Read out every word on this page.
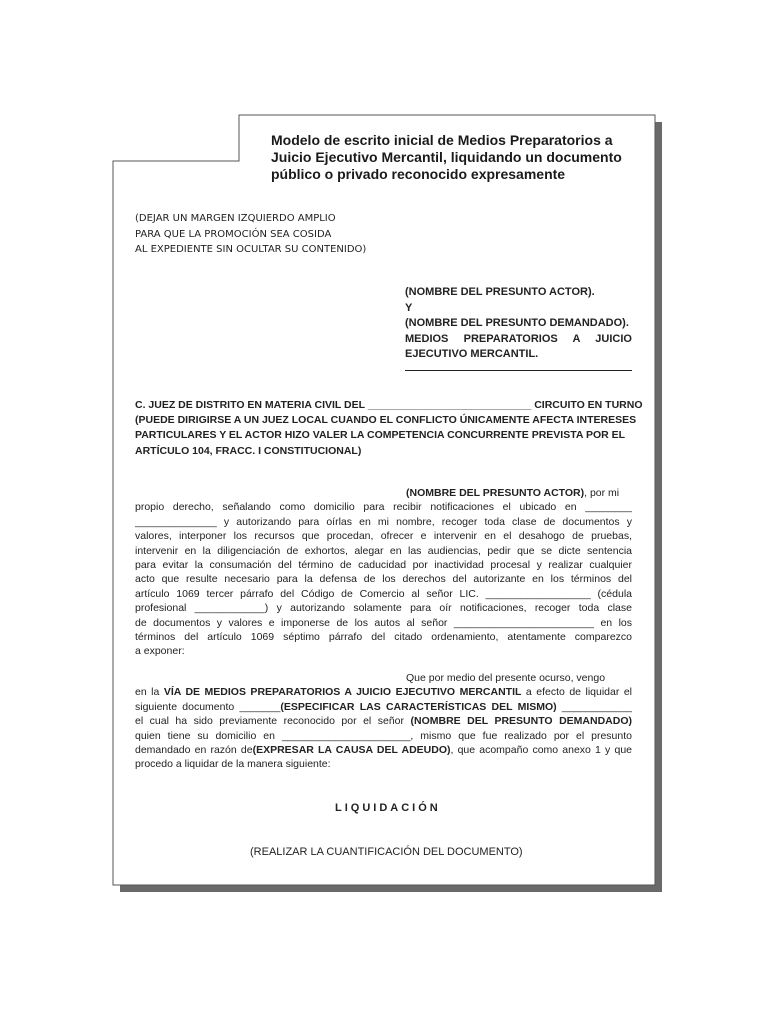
Modelo de escrito inicial de Medios Preparatorios a
Juicio Ejecutivo Mercantil, liquidando un documento
público o privado reconocido expresamente
(DEJAR UN MARGEN IZQUIERDO AMPLIO
PARA QUE LA PROMOCIÓN SEA COSIDA
AL EXPEDIENTE SIN OCULTAR SU CONTENIDO)
(NOMBRE DEL PRESUNTO ACTOR).
Y
(NOMBRE DEL PRESUNTO DEMANDADO).
MEDIOS PREPARATORIOS A JUICIO
EJECUTIVO MERCANTIL.
C. JUEZ DE DISTRITO EN MATERIA CIVIL DEL ____________________________ CIRCUITO EN TURNO
(PUEDE DIRIGIRSE A UN JUEZ LOCAL CUANDO EL CONFLICTO ÚNICAMENTE AFECTA INTERESES
PARTICULARES Y EL ACTOR HIZO VALER LA COMPETENCIA CONCURRENTE PREVISTA POR EL
ARTÍCULO 104, FRACC. I CONSTITUCIONAL)
(NOMBRE DEL PRESUNTO ACTOR), por mi
propio derecho, señalando como domicilio para recibir notificaciones el ubicado en ________
______________ y autorizando para oírlas en mi nombre, recoger toda clase de documentos y
valores, interponer los recursos que procedan, ofrecer e intervenir en el desahogo de pruebas,
intervenir en la diligenciación de exhortos, alegar en las audiencias, pedir que se dicte sentencia
para evitar la consumación del término de caducidad por inactividad procesal y realizar cualquier
acto que resulte necesario para la defensa de los derechos del autorizante en los términos del
artículo 1069 tercer párrafo del Código de Comercio al señor LIC. __________________ (cédula
profesional ____________) y autorizando solamente para oír notificaciones, recoger toda clase
de documentos y valores e imponerse de los autos al señor ________________________ en los
términos del artículo 1069 séptimo párrafo del citado ordenamiento, atentamente comparezco
a exponer:
Que por medio del presente ocurso, vengo
en la VÍA DE MEDIOS PREPARATORIOS A JUICIO EJECUTIVO MERCANTIL a efecto de liquidar el
siguiente documento _______(ESPECIFICAR LAS CARACTERÍSTICAS DEL MISMO) ____________
el cual ha sido previamente reconocido por el señor (NOMBRE DEL PRESUNTO DEMANDADO)
quien tiene su domicilio en ______________________, mismo que fue realizado por el presunto
demandado en razón de(EXPRESAR LA CAUSA DEL ADEUDO), que acompaño como anexo 1 y que
procedo a liquidar de la manera siguiente:
LIQUIDACIÓN
(REALIZAR LA CUANTIFICACIÓN DEL DOCUMENTO)
